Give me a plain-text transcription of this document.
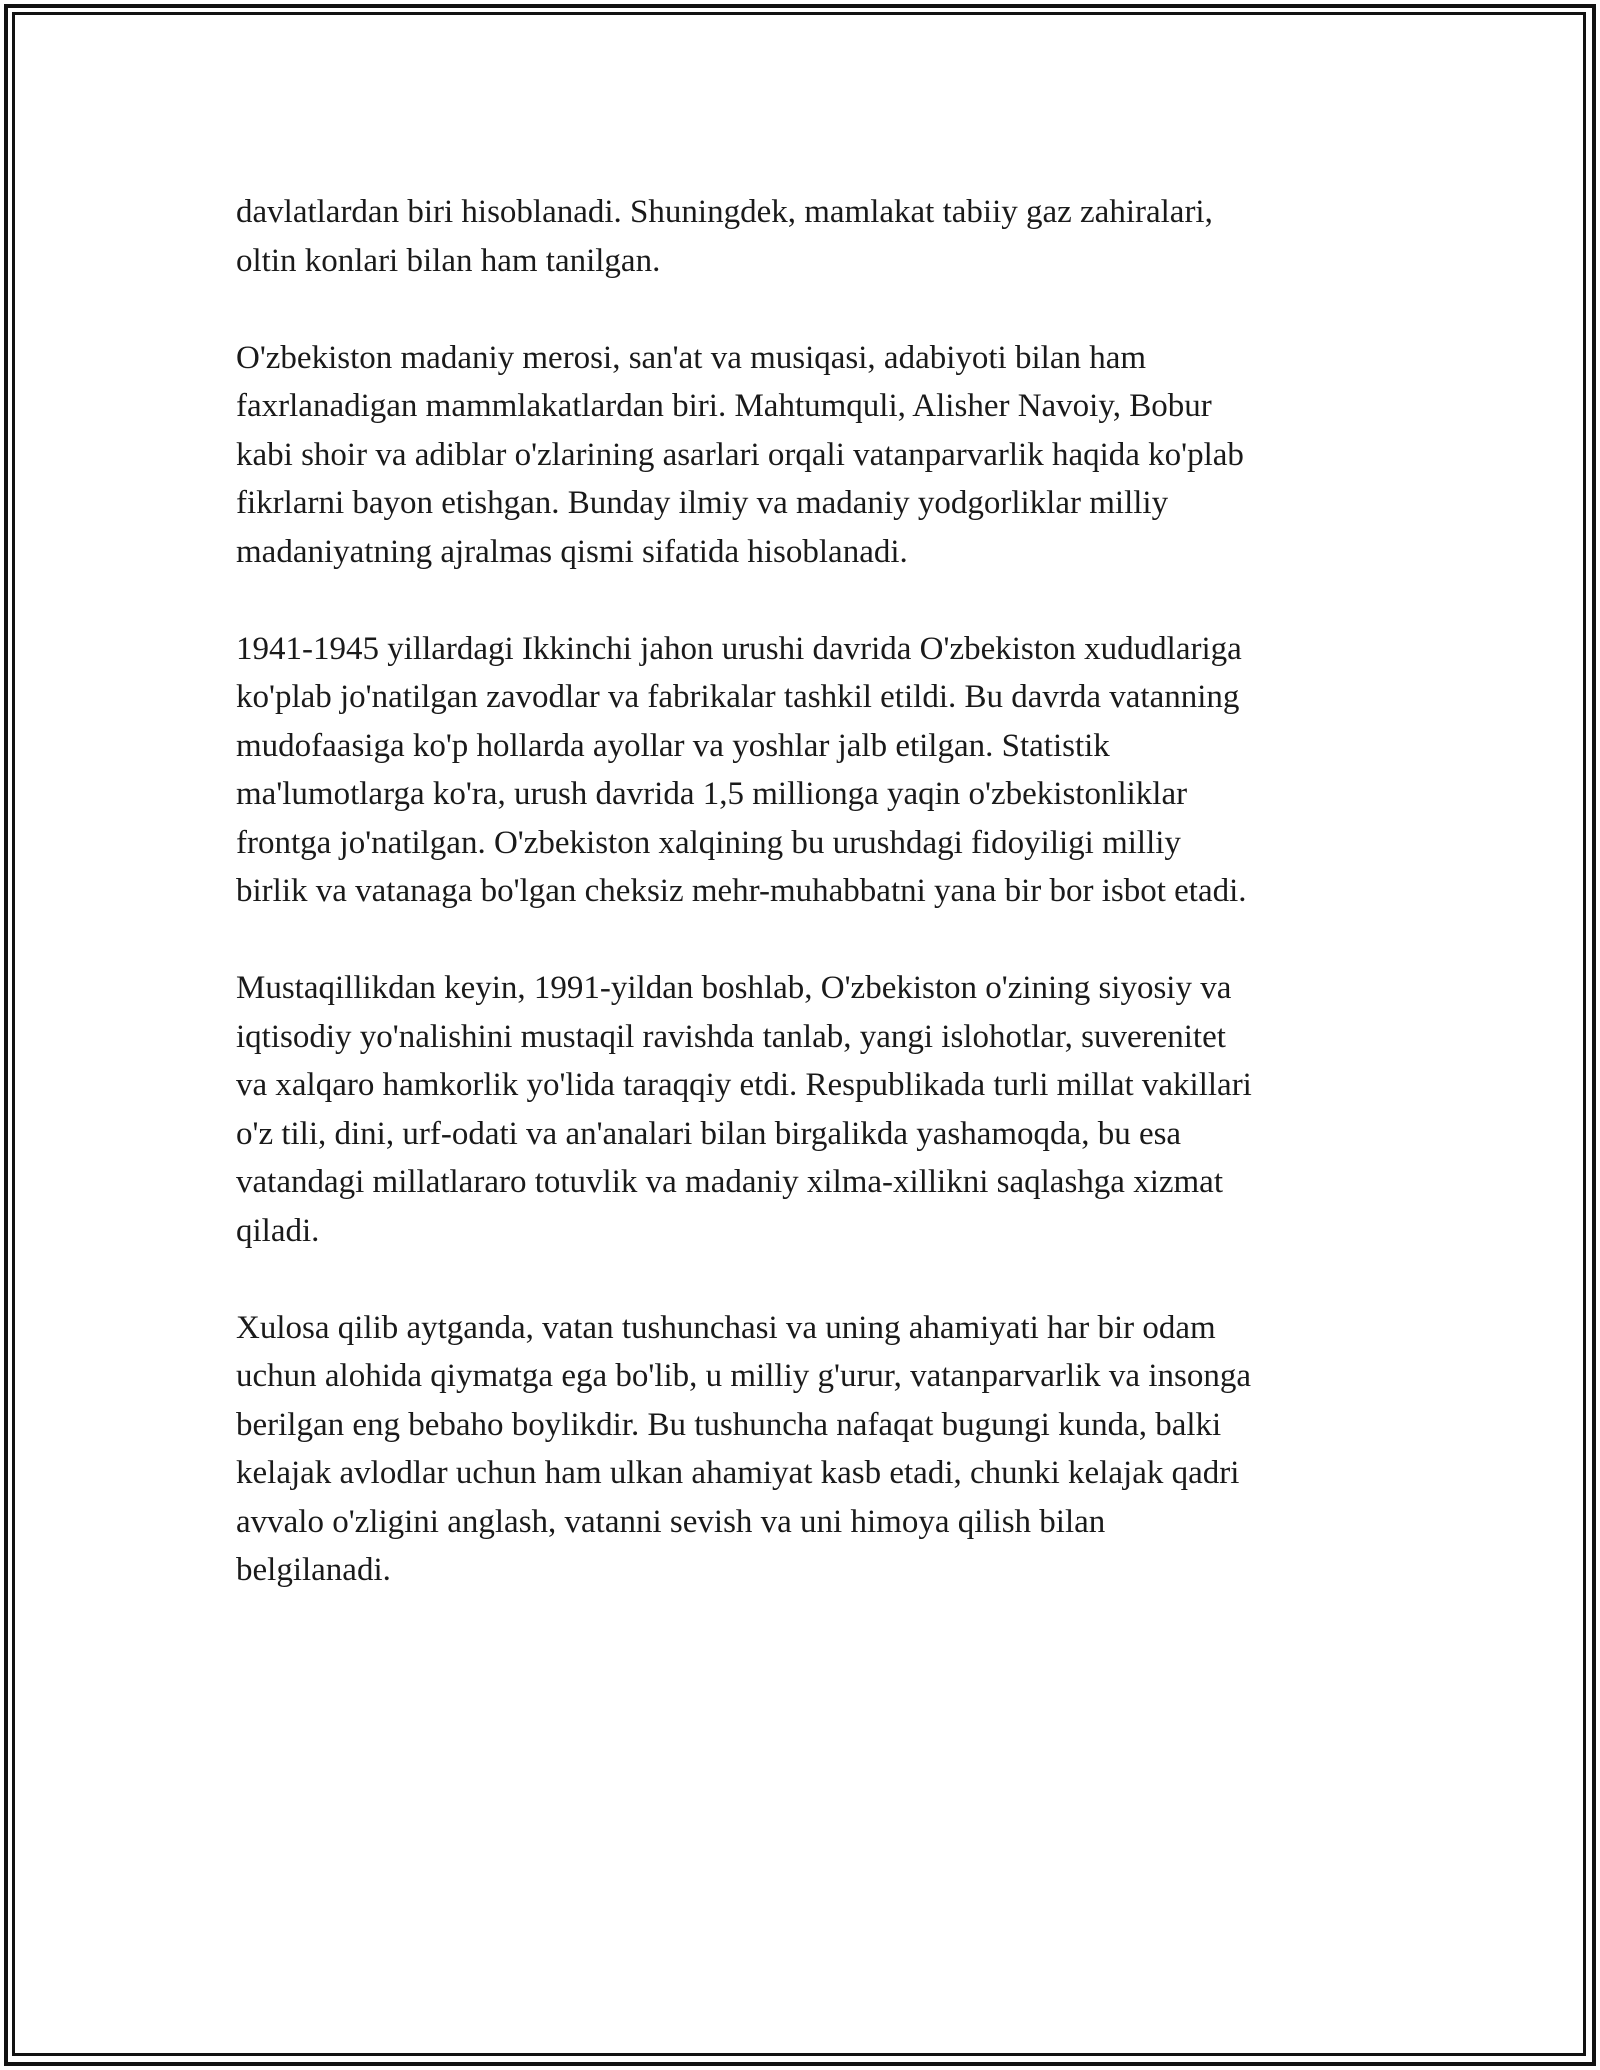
davlatlardan biri hisoblanadi. Shuningdek, mamlakat tabiiy gaz zahiralari,
oltin konlari bilan ham tanilgan.

O'zbekiston madaniy merosi, san'at va musiqasi, adabiyoti bilan ham
faxrlanadigan mammlakatlardan biri. Mahtumquli, Alisher Navoiy, Bobur
kabi shoir va adiblar o'zlarining asarlari orqali vatanparvarlik haqida ko'plab
fikrlarni bayon etishgan. Bunday ilmiy va madaniy yodgorliklar milliy
madaniyatning ajralmas qismi sifatida hisoblanadi.

1941-1945 yillardagi Ikkinchi jahon urushi davrida O'zbekiston xududlariga
ko'plab jo'natilgan zavodlar va fabrikalar tashkil etildi. Bu davrda vatanning
mudofaasiga ko'p hollarda ayollar va yoshlar jalb etilgan. Statistik
ma'lumotlarga ko'ra, urush davrida 1,5 millionga yaqin o'zbekistonliklar
frontga jo'natilgan. O'zbekiston xalqining bu urushdagi fidoyiligi milliy
birlik va vatanaga bo'lgan cheksiz mehr-muhabbatni yana bir bor isbot etadi.

Mustaqillikdan keyin, 1991-yildan boshlab, O'zbekiston o'zining siyosiy va
iqtisodiy yo'nalishini mustaqil ravishda tanlab, yangi islohotlar, suverenitet
va xalqaro hamkorlik yo'lida taraqqiy etdi. Respublikada turli millat vakillari
o'z tili, dini, urf-odati va an'analari bilan birgalikda yashamoqda, bu esa
vatandagi millatlararo totuvlik va madaniy xilma-xillikni saqlashga xizmat
qiladi.

Xulosa qilib aytganda, vatan tushunchasi va uning ahamiyati har bir odam
uchun alohida qiymatga ega bo'lib, u milliy g'urur, vatanparvarlik va insonga
berilgan eng bebaho boylikdir. Bu tushuncha nafaqat bugungi kunda, balki
kelajak avlodlar uchun ham ulkan ahamiyat kasb etadi, chunki kelajak qadri
avvalo o'zligini anglash, vatanni sevish va uni himoya qilish bilan
belgilanadi.
